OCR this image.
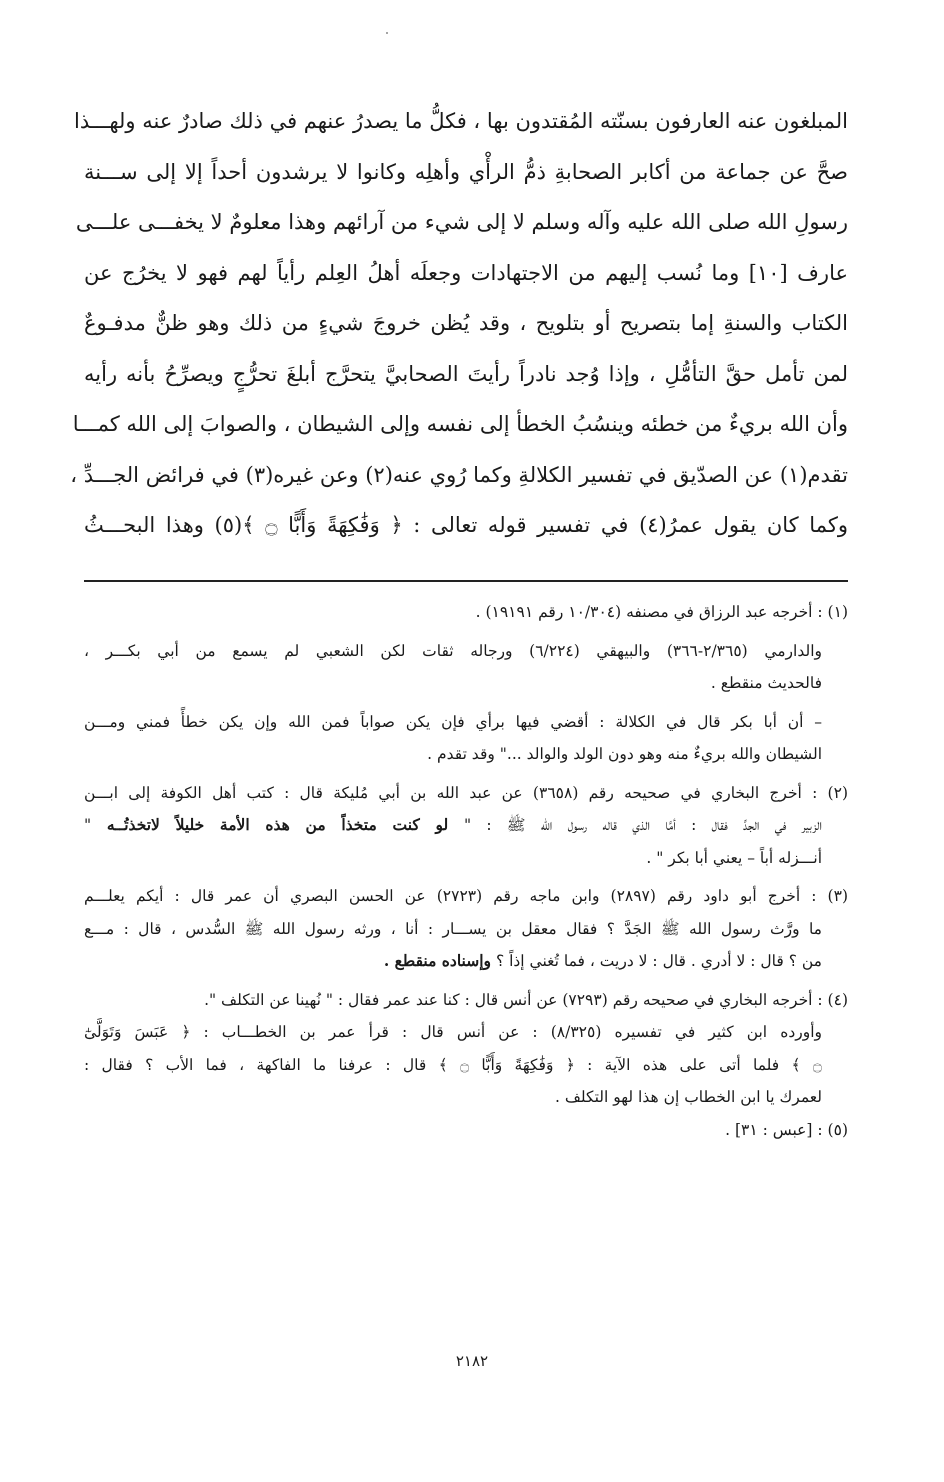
المبلغون عنه العارفون بسنّته المُقتدون بها ، فكلُّ ما يصدرُ عنهم في ذلك صادرٌ عنه ولهـــذا
صحَّ عن جماعة من أكابر الصحابةِ ذمُّ الرأْي وأهلِه وكانوا لا يرشدون أحداً إلا إلى ســـنة
رسولِ الله صلى الله عليه وآله وسلم لا إلى شيء من آرائهم وهذا معلومٌ لا يخفـــى علـــى
عارف [١٠] وما نُسب إليهم من الاجتهادات وجعلَه أهلُ العِلم رأياً لهم فهو لا يخرُج عن
الكتاب والسنةِ إما بتصريح أو بتلويح ، وقد يُظن خروجَ شيءٍ من ذلك وهو ظنٌّ مدفـوعٌ
لمن تأمل حقَّ التأمُّلِ ، وإذا وُجد نادراً رأيتَ الصحابيَّ يتحرَّج أبلغَ تحرُّجٍ ويصرِّحُ بأنه رأيه
وأن الله بريءٌ من خطئه وينسُبُ الخطأ إلى نفسه وإلى الشيطان ، والصوابَ إلى الله كمـــا
تقدم(١) عن الصدّيق في تفسير الكلالةِ وكما رُوي عنه(٢) وعن غيره(٣) في فرائض الجـــدِّ ،
وكما كان يقول عمرُ(٤) في تفسير قوله تعالى : ﴿ وَفَٰكِهَةً وَأَبًّا ۝ ﴾(٥) وهذا البحـــثُ
(١) : أخرجه عبد الرزاق في مصنفه (١٠/٣٠٤ رقم ١٩١٩١) .
والدارمي (٢/٣٦٥-٣٦٦) والبيهقي (٦/٢٢٤) ورجاله ثقات لكن الشعبي لم يسمع من أبي بكـــر ،
فالحديث منقطع .
– أن أبا بكر قال في الكلالة : أقضي فيها برأي فإن يكن صواباً فمن الله وإن يكن خطأً فمني ومـــن
الشيطان والله بريءٌ منه وهو دون الولد والوالد ..." وقد تقدم .
(٢) : أخرج البخاري في صحيحه رقم (٣٦٥٨) عن عبد الله بن أبي مُليكة قال : كتب أهل الكوفة إلى ابـــن
الزبير في الجدِّ فقال : أمَّا الذي قاله رسول الله ﷺ : " لو كنت متخذاً من هذه الأمة خليلاً لاتخذتُــه "
أنـــزله أباً – يعني أبا بكر " .
(٣) : أخرج أبو داود رقم (٢٨٩٧) وابن ماجه رقم (٢٧٢٣) عن الحسن البصري أن عمر قال : أيكم يعلـــم
ما ورَّث رسول الله ﷺ الجَدَّ ؟ فقال معقل بن يســـار : أنا ، ورثه رسول الله ﷺ السُّدس ، قال : مـــع
من ؟ قال : لا أدري . قال : لا دريت ، فما تُغني إذاً ؟ وإسناده منقطع .
(٤) : أخرجه البخاري في صحيحه رقم (٧٢٩٣) عن أنس قال : كنا عند عمر فقال : " نُهينا عن التكلف ".
وأورده ابن كثير في تفسيره (٨/٣٢٥) : عن أنس قال : قرأ عمر بن الخطـــاب : ﴿ عَبَسَ وَتَوَلَّىٰٓ
۝ ﴾ فلما أتى على هذه الآية : ﴿ وَفَٰكِهَةً وَأَبًّا ۝ ﴾ قال : عرفنا ما الفاكهة ، فما الأب ؟ فقال :
لعمرك يا ابن الخطاب إن هذا لهو التكلف .
(٥) : [عبس : ٣١] .
٢١٨٢
